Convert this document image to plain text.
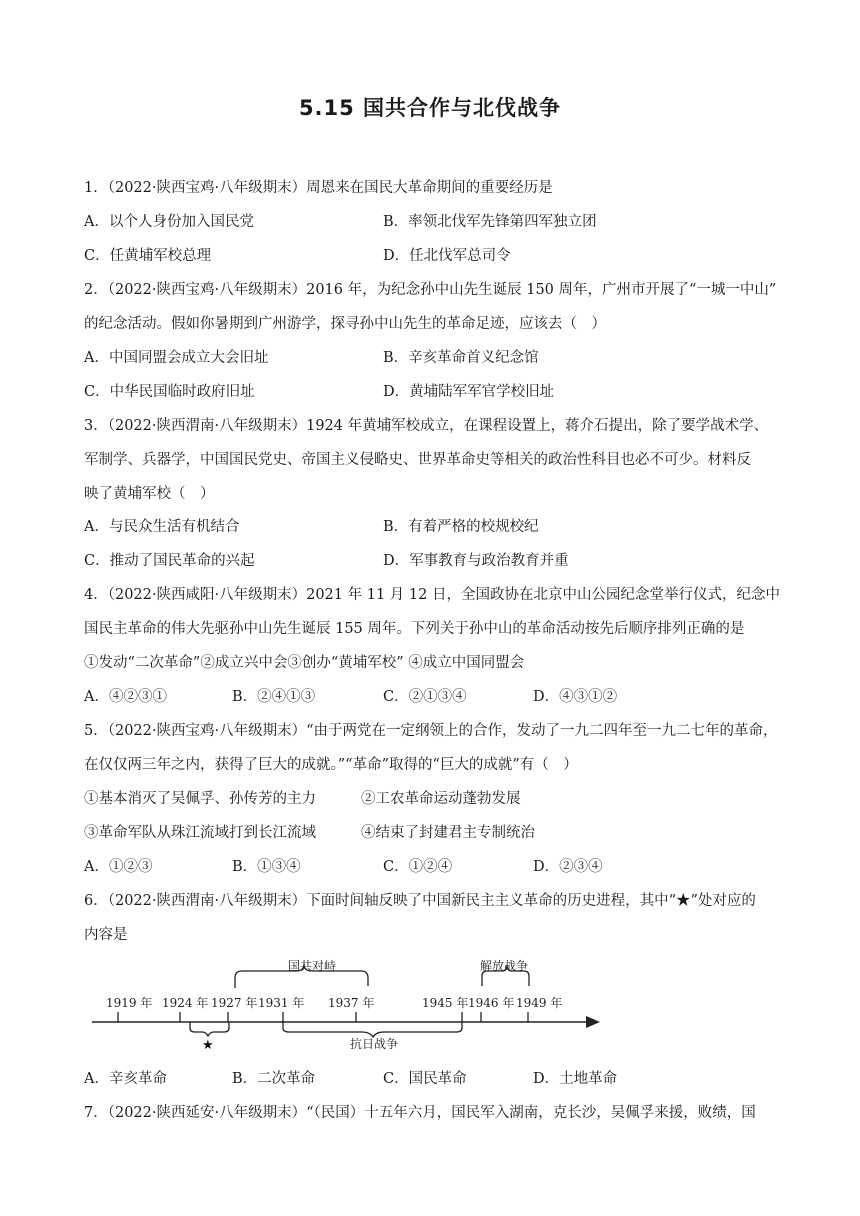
5.15 国共合作与北伐战争
1．（2022·陕西宝鸡·八年级期末）周恩来在国民大革命期间的重要经历是
A．以个人身份加入国民党	B．率领北伐军先锋第四军独立团
C．任黄埔军校总理	D．任北伐军总司令
2．（2022·陕西宝鸡·八年级期末）2016 年，为纪念孙中山先生诞辰 150 周年，广州市开展了“一城一中山”
的纪念活动。假如你暑期到广州游学，探寻孙中山先生的革命足迹，应该去（　）
A．中国同盟会成立大会旧址	B．辛亥革命首义纪念馆
C．中华民国临时政府旧址	D．黄埔陆军军官学校旧址
3．（2022·陕西渭南·八年级期末）1924 年黄埔军校成立，在课程设置上，蒋介石提出，除了要学战术学、
军制学、兵器学，中国国民党史、帝国主义侵略史、世界革命史等相关的政治性科目也必不可少。材料反
映了黄埔军校（　）
A．与民众生活有机结合	B．有着严格的校规校纪
C．推动了国民革命的兴起	D．军事教育与政治教育并重
4．（2022·陕西咸阳·八年级期末）2021 年 11 月 12 日，全国政协在北京中山公园纪念堂举行仪式，纪念中
国民主革命的伟大先驱孙中山先生诞辰 155 周年。下列关于孙中山的革命活动按先后顺序排列正确的是
①发动“二次革命”②成立兴中会③创办“黄埔军校” ④成立中国同盟会
A．④②③①	B．②④①③	C．②①③④	D．④③①②
5．（2022·陕西宝鸡·八年级期末）“由于两党在一定纲领上的合作，发动了一九二四年至一九二七年的革命，
在仅仅两三年之内，获得了巨大的成就。”“革命”取得的“巨大的成就”有（　）
①基本消灭了吴佩孚、孙传芳的主力	②工农革命运动蓬勃发展
③革命军队从珠江流域打到长江流域	④结束了封建君主专制统治
A．①②③	B．①③④	C．①②④	D．②③④
6．（2022·陕西渭南·八年级期末）下面时间轴反映了中国新民主主义革命的历史进程，其中“★”处对应的
内容是
国共对峙	解放战争
1919 年 1924 年 1927 年 1931 年 1937 年	1945 年 1946 年 1949 年
★	抗日战争
A．辛亥革命	B．二次革命	C．国民革命	D．土地革命
7．（2022·陕西延安·八年级期末）“（民国）十五年六月，国民军入湖南，克长沙，吴佩孚来援，败绩，国
